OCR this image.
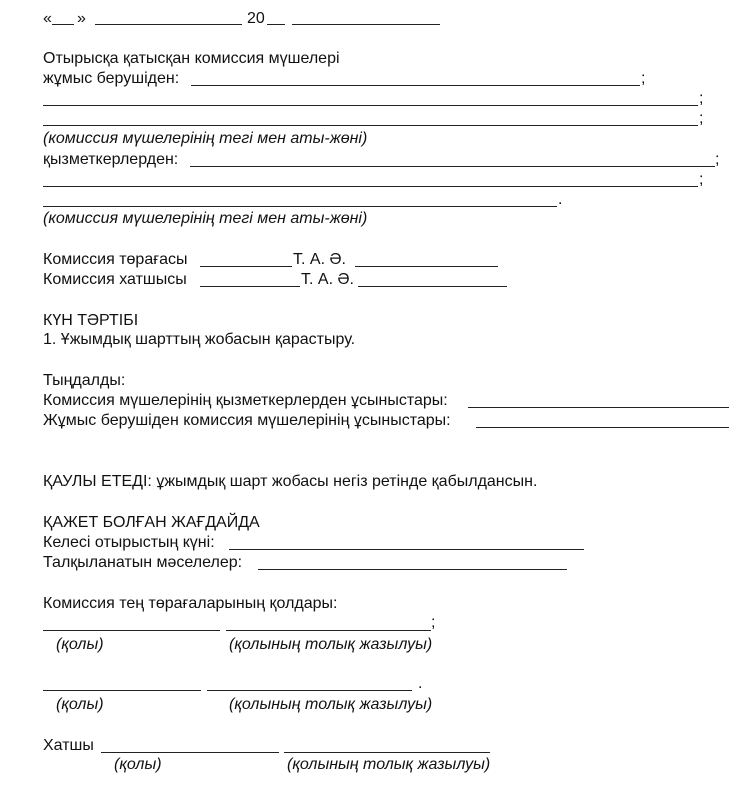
« »	20
Отырысқа қатысқан комиссия мүшелері
жұмыс берушіден:	;
;
;
(комиссия мүшелерінің тегі мен аты-жөні)
қызметкерлерден:	;
;
.
(комиссия мүшелерінің тегі мен аты-жөні)
Комиссия төрағасы	Т. А. Ә.
Комиссия хатшысы	Т. А. Ә.
КҮН ТӘРТІБІ
1. Ұжымдық шарттың жобасын қарастыру.
Тыңдалды:
Комиссия мүшелерінің қызметкерлерден ұсыныстары:
Жұмыс берушіден комиссия мүшелерінің ұсыныстары:
ҚАУЛЫ ЕТЕДІ: ұжымдық шарт жобасы негіз ретінде қабылдансын.
ҚАЖЕТ БОЛҒАН ЖАҒДАЙДА
Келесі отырыстың күні:
Талқыланатын мәселелер:
Комиссия тең төрағаларының қолдары:
;
(қолы)	(қолының толық жазылуы)
.
(қолы)	(қолының толық жазылуы)
Хатшы
(қолы)	(қолының толық жазылуы)
